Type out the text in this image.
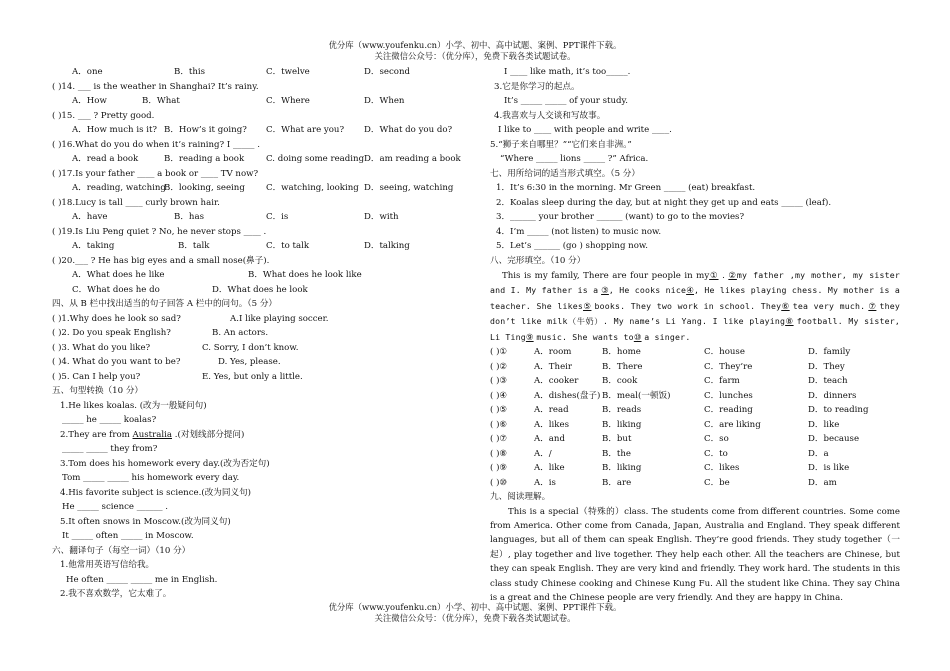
优分库（www.youfenku.cn）小学、初中、高中试题、案例、PPT课件下载。
关注微信公众号：（优分库），免费下载各类试题试卷。
A．one	B．this	C．twelve	D．second
( )14. ___ is the weather in Shanghai? It’s rainy.
A．How	B．What	C．Where	D．When
( )15. ___ ? Pretty good.
A．How much is it? B．How’s it going? C．What are you? D．What do you do?
( )16.What do you do when it’s raining? I _____ .
A．read a book	B．reading a book	C. doing some reading D．am reading a book
( )17.Is your father ____ a book or ____ TV now?
A．reading, watching
B．looking, seeing C．watching, looking D．seeing, watching
( )18.Lucy is tall ____ curly brown hair.
A．have	B．has	C．is	D．with
( )19.Is Liu Peng quiet ? No, he never stops ____ .
A．taking	B．talk	C．to talk	D．talking
( )20.___ ? He has big eyes and a small nose(鼻子).
A．What does he like	B．What does he look like
C．What does he do	D．What does he look
四、从 B 栏中找出适当的句子回答 A 栏中的问句。（5 分）
( )1.Why does he look so sad?	A.I like playing soccer.
( )2. Do you speak English?	B. An actors.
( )3. What do you like?	C. Sorry, I don’t know.
( )4. What do you want to be?	D. Yes, please.
( )5. Can I help you?	E. Yes, but only a little.
五、句型转换（10 分）
1.He likes koalas. (改为一般疑问句)
_____ he _____ koalas?
2.They are from Australia .(对划线部分提问)
_____ _____ they from?
3.Tom does his homework every day.(改为否定句)
Tom _____ _____ his homework every day.
4.His favorite subject is science.(改为同义句)
He _____ science ______ .
5.It often snows in Moscow.(改为同义句)
It _____ often _____ in Moscow.
六、翻译句子（每空一词）（10 分）
1.他常用英语写信给我。
He often _____ _____ me in English.
2.我不喜欢数学，它太难了。
I ____ like math, it’s too_____.
3.它是你学习的起点。
It’s _____ _____ of your study.
4.我喜欢与人交谈和写故事。
I like to ____ with people and write ____.
5.“狮子来自哪里？”“它们来自非洲。”
“Where _____ lions _____ ?” Africa.
七、用所给词的适当形式填空。（5 分）
1．It’s 6:30 in the morning. Mr Green _____ (eat) breakfast.
2．Koalas sleep during the day, but at night they get up and eats _____ (leaf).
3．______ your brother ______ (want) to go to the movies?
4．I’m _____ (not listen) to music now.
5．Let’s ______ (go ) shopping now.
八、完形填空。（10 分）
This is my family, There are four people in my① . ②my father ,my mother, my sister and I. My father is a ③, He cooks nice④, He likes playing chess. My mother is a teacher. She likes⑤ books. They two work in school. They⑥ tea very much. ⑦ they don’t like milk（牛奶）. My name’s Li Yang. I like playing⑧ football. My sister, Li Ting⑨ music. She wants to⑩ a singer.
( )①	A．room	B．home	C．house	D．family
( )②	A．Their	B．There	C．They’re	D．They
( )③	A．cooker	B．cook	C．farm	D．teach
( )④	A．dishes(盘子) B．meal(一顿饭)	C．lunches	D．dinners
( )⑤	A．read	B．reads	C．reading	D．to reading
( )⑥	A．likes	B．liking	C．are liking	D．like
( )⑦	A．and	B．but	C．so	D．because
( )⑧	A．/	B．the	C．to	D．a
( )⑨	A．like	B．liking	C．likes	D．is like
( )⑩	A．is	B．are	C．be	D．am
九、阅读理解。
This is a special（特殊的）class. The students come from different countries. Some come from America. Other come from Canada, Japan, Australia and England. They speak different languages, but all of them can speak English. They’re good friends. They study together（一起）, play together and live together. They help each other. All the teachers are Chinese, but they can speak English. They are very kind and friendly. They work hard. The students in this class study Chinese cooking and Chinese Kung Fu. All the student like China. They say China is a great and the Chinese people are very friendly. And they are happy in China.
优分库（www.youfenku.cn）小学、初中、高中试题、案例、PPT课件下载。
关注微信公众号：（优分库），免费下载各类试题试卷。
